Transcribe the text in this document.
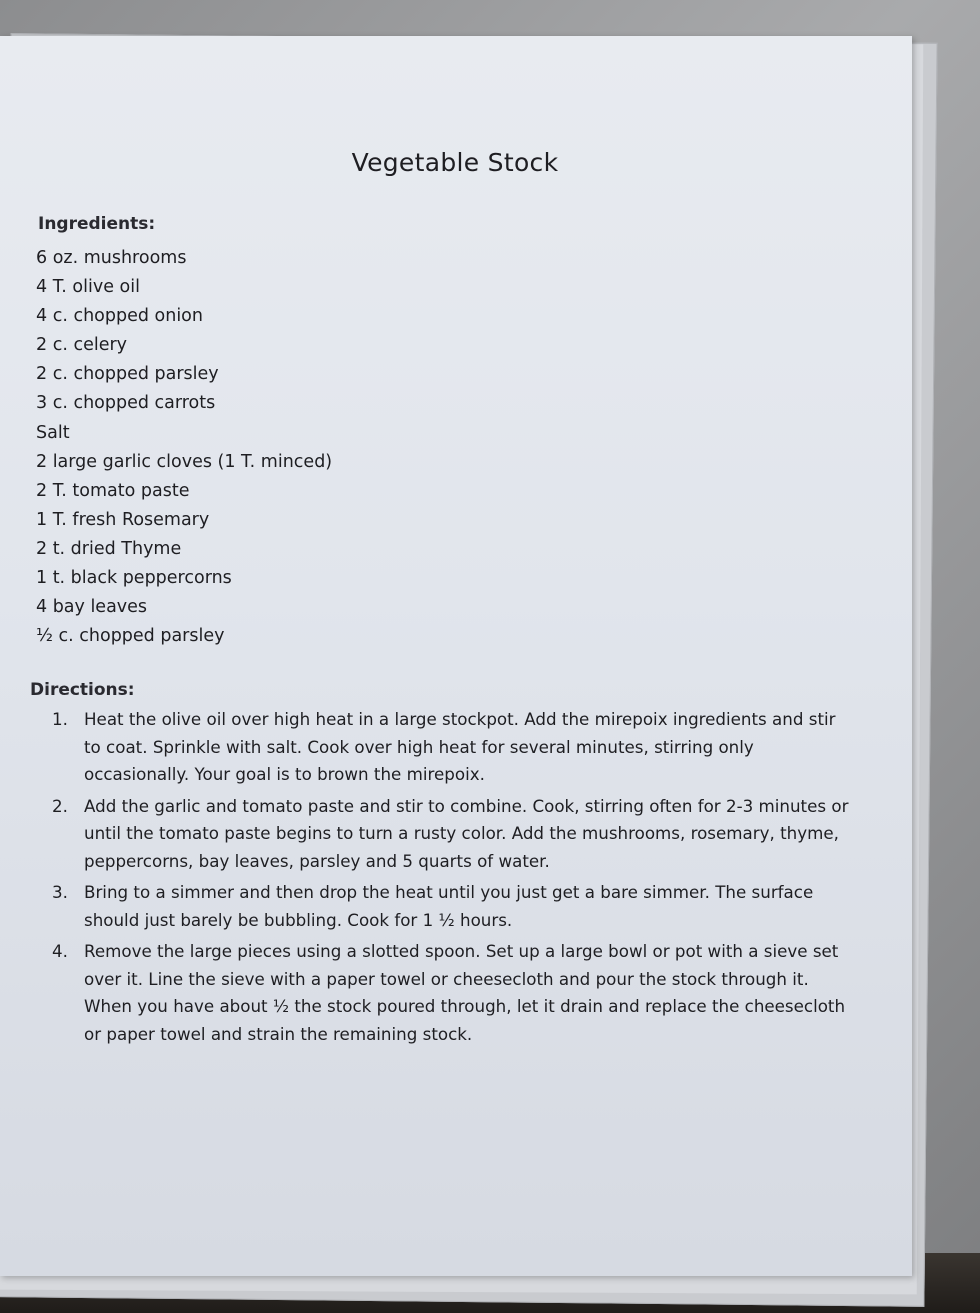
Vegetable Stock
Ingredients:
6 oz. mushrooms
4 T. olive oil
4 c. chopped onion
2 c. celery
2 c. chopped parsley
3 c. chopped carrots
Salt
2 large garlic cloves (1 T. minced)
2 T. tomato paste
1 T. fresh Rosemary
2 t. dried Thyme
1 t. black peppercorns
4 bay leaves
½ c. chopped parsley
Directions:
1. Heat the olive oil over high heat in a large stockpot. Add the mirepoix ingredients and stir to coat. Sprinkle with salt. Cook over high heat for several minutes, stirring only occasionally. Your goal is to brown the mirepoix.
2. Add the garlic and tomato paste and stir to combine. Cook, stirring often for 2-3 minutes or until the tomato paste begins to turn a rusty color. Add the mushrooms, rosemary, thyme, peppercorns, bay leaves, parsley and 5 quarts of water.
3. Bring to a simmer and then drop the heat until you just get a bare simmer. The surface should just barely be bubbling. Cook for 1 ½ hours.
4. Remove the large pieces using a slotted spoon. Set up a large bowl or pot with a sieve set over it. Line the sieve with a paper towel or cheesecloth and pour the stock through it. When you have about ½ the stock poured through, let it drain and replace the cheesecloth or paper towel and strain the remaining stock.
